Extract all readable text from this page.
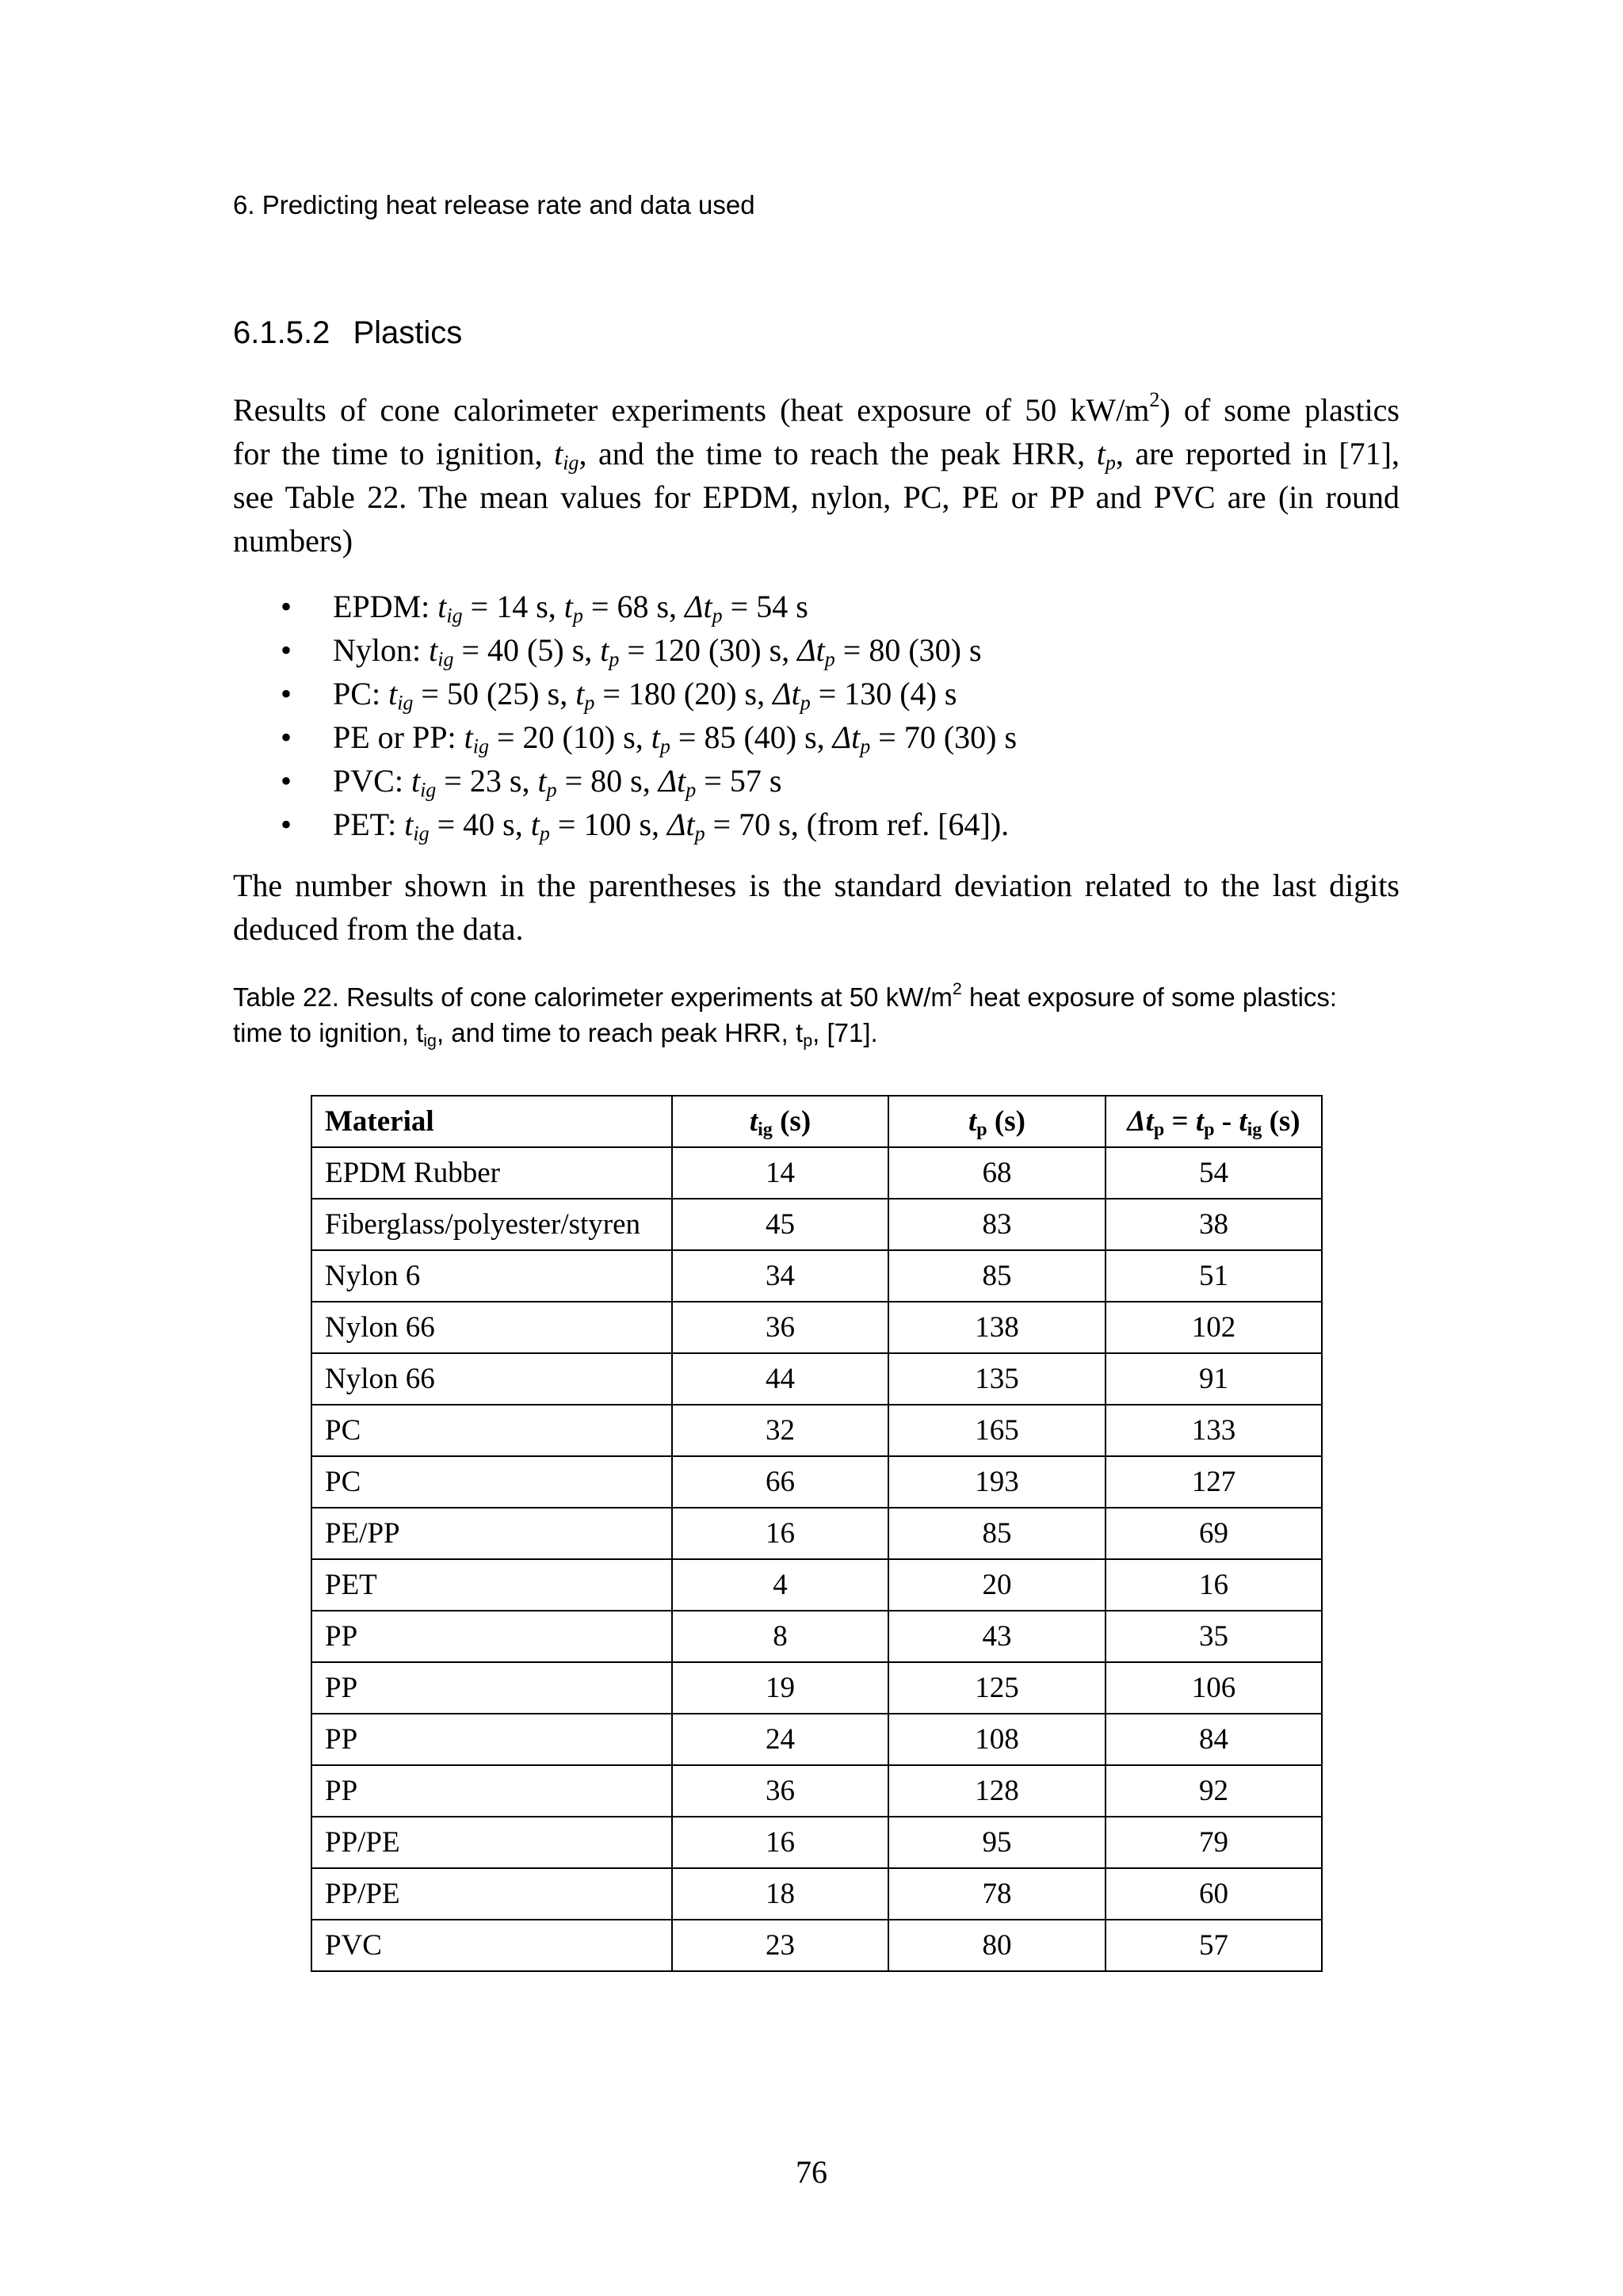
6. Predicting heat release rate and data used
6.1.5.2 Plastics
Results of cone calorimeter experiments (heat exposure of 50 $kW/m^2$) of some plastics
for the time to ignition, $t_{ig}$, and the time to reach the peak HRR, $t_p$, are reported in [71],
see Table 22. The mean values for EPDM, nylon, PC, PE or PP and PVC are (in round
numbers)
• EPDM: $t_{ig} = 14$ s, $t_p = 68$ s, $\Delta t_p = 54$ s
• Nylon: $t_{ig} = 40$ (5) s, $t_p = 120$ (30) s, $\Delta t_p = 80$ (30) s
• PC: $t_{ig} = 50$ (25) s, $t_p = 180$ (20) s, $\Delta t_p = 130$ (4) s
• PE or PP: $t_{ig} = 20$ (10) s, $t_p = 85$ (40) s, $\Delta t_p = 70$ (30) s
• PVC: $t_{ig} = 23$ s, $t_p = 80$ s, $\Delta t_p = 57$ s
• PET: $t_{ig} = 40$ s, $t_p = 100$ s, $\Delta t_p = 70$ s, (from ref. [64]).
The number shown in the parentheses is the standard deviation related to the last digits
deduced from the data.
Table 22. Results of cone calorimeter experiments at 50 $kW/m^2$ heat exposure of some plastics:
time to ignition, $t_{ig}$, and time to reach peak HRR, $t_p$, [71].
Material	$t_{ig}$ (s)	$t_p$ (s)	$\Delta t_p = t_p - t_{ig}$ (s)
EPDM Rubber	14	68	54
Fiberglass/polyester/styren	45	83	38
Nylon 6	34	85	51
Nylon 66	36	138	102
Nylon 66	44	135	91
PC	32	165	133
PC	66	193	127
PE/PP	16	85	69
PET	4	20	16
PP	8	43	35
PP	19	125	106
PP	24	108	84
PP	36	128	92
PP/PE	16	95	79
PP/PE	18	78	60
PVC	23	80	57
76
